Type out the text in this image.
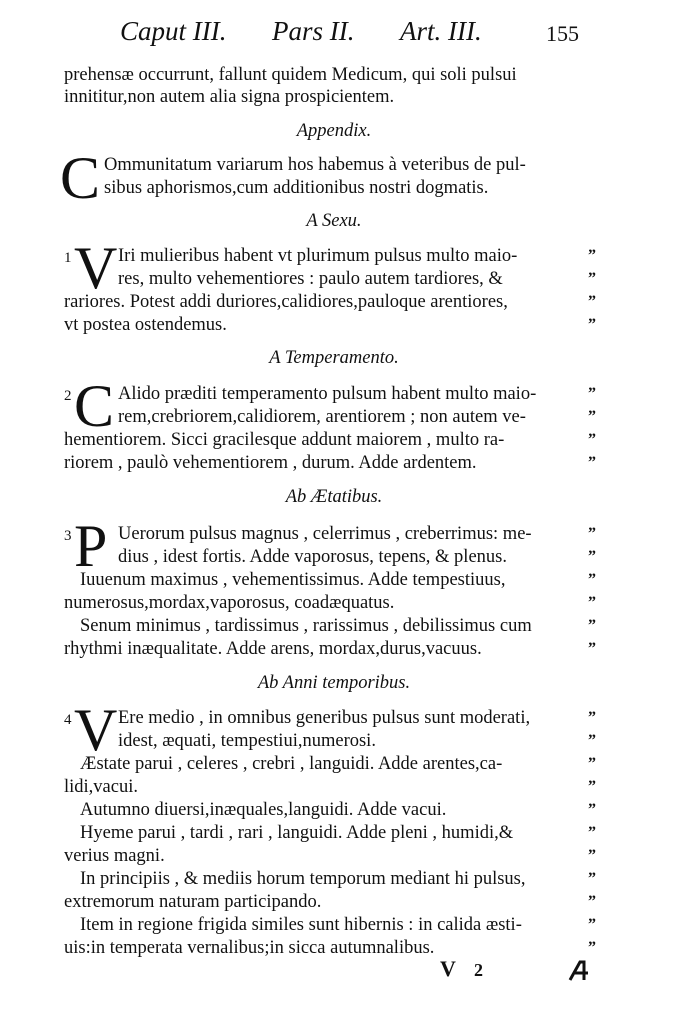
Caput III. Pars II. Art. III.	155
prehensæ occurrunt, fallunt quidem Medicum, qui soli pulsui
innititur,non autem alia signa prospicientem.
Appendix.
C Ommunitatum variarum hos habemus à veteribus de pul-
sibus aphorismos,cum additionibus nostri dogmatis.
A Sexu.
1 V Iri mulieribus habent vt plurimum pulsus multo maio-
res, multo vehementiores : paulo autem tardiores, &
rariores. Potest addi duriores,calidiores,pauloque arentiores,
vt postea ostendemus.
A Temperamento.
2 C Alido præditi temperamento pulsum habent multo maio-
rem,crebriorem,calidiorem, arentiorem ; non autem ve-
hementiorem. Sicci gracilesque addunt maiorem , multo ra-
riorem , paulò vehementiorem , durum. Adde ardentem.
Ab Ætatibus.
3 P Uerorum pulsus magnus , celerrimus , creberrimus: me-
dius , idest fortis. Adde vaporosus, tepens, & plenus.
Iuuenum maximus , vehementissimus. Adde tempestiuus,
numerosus,mordax,vaporosus, coadæquatus.
Senum minimus , tardissimus , rarissimus , debilissimus cum
rhythmi inæqualitate. Adde arens, mordax,durus,vacuus.
Ab Anni temporibus.
4 V Ere medio , in omnibus generibus pulsus sunt moderati,
idest, æquati, tempestiui,numerosi.
Æstate parui , celeres , crebri , languidi. Adde arentes,ca-
lidi,vacui.
Autumno diuersi,inæquales,languidi. Adde vacui.
Hyeme parui , tardi , rari , languidi. Adde pleni , humidi,&
verius magni.
In principiis , & mediis horum temporum mediant hi pulsus,
extremorum naturam participando.
Item in regione frigida similes sunt hibernis : in calida æsti-
uis:in temperata vernalibus;in sicca autumnalibus.
”
”
”
”
”
”
”
”
”
”
”
”
”
”
”
”
”
”
”
”
”
”
”
”
”
V 2
